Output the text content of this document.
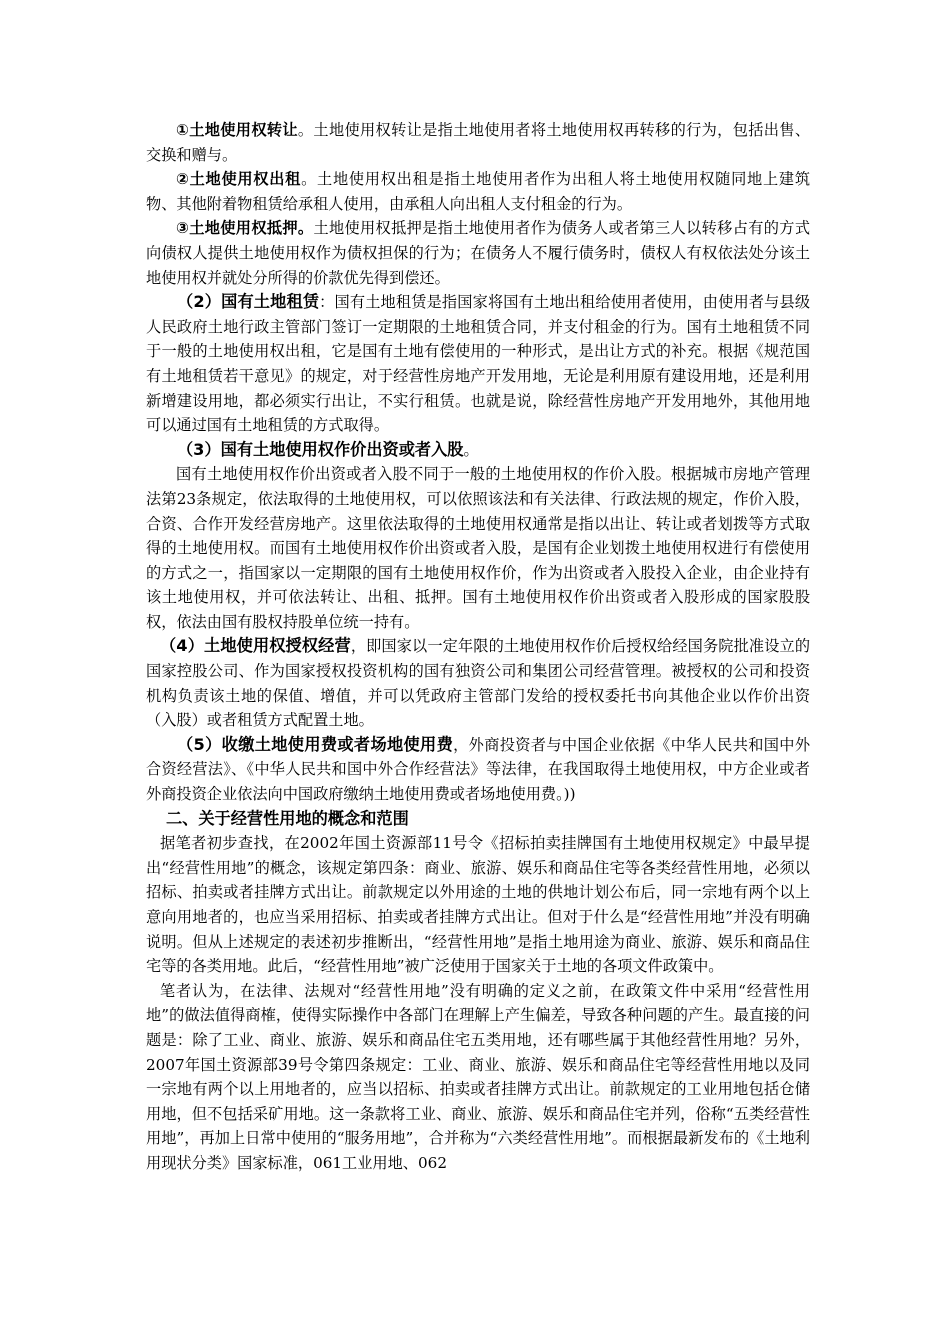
①土地使用权转让。土地使用权转让是指土地使用者将土地使用权再转移的行为，包括出售、交换和赠与。

②土地使用权出租。土地使用权出租是指土地使用者作为出租人将土地使用权随同地上建筑物、其他附着物租赁给承租人使用，由承租人向出租人支付租金的行为。

③土地使用权抵押。土地使用权抵押是指土地使用者作为债务人或者第三人以转移占有的方式向债权人提供土地使用权作为债权担保的行为；在债务人不履行债务时，债权人有权依法处分该土地使用权并就处分所得的价款优先得到偿还。

（2）国有土地租赁：国有土地租赁是指国家将国有土地出租给使用者使用，由使用者与县级人民政府土地行政主管部门签订一定期限的土地租赁合同，并支付租金的行为。国有土地租赁不同于一般的土地使用权出租，它是国有土地有偿使用的一种形式，是出让方式的补充。根据《规范国有土地租赁若干意见》的规定，对于经营性房地产开发用地，无论是利用原有建设用地，还是利用新增建设用地，都必须实行出让，不实行租赁。也就是说，除经营性房地产开发用地外，其他用地可以通过国有土地租赁的方式取得。

（3）国有土地使用权作价出资或者入股。

国有土地使用权作价出资或者入股不同于一般的土地使用权的作价入股。根据城市房地产管理法第23条规定，依法取得的土地使用权，可以依照该法和有关法律、行政法规的规定，作价入股，合资、合作开发经营房地产。这里依法取得的土地使用权通常是指以出让、转让或者划拨等方式取得的土地使用权。而国有土地使用权作价出资或者入股，是国有企业划拨土地使用权进行有偿使用的方式之一，指国家以一定期限的国有土地使用权作价，作为出资或者入股投入企业，由企业持有该土地使用权，并可依法转让、出租、抵押。国有土地使用权作价出资或者入股形成的国家股股权，依法由国有股权持股单位统一持有。

（4）土地使用权授权经营，即国家以一定年限的土地使用权作价后授权给经国务院批准设立的国家控股公司、作为国家授权投资机构的国有独资公司和集团公司经营管理。被授权的公司和投资机构负责该土地的保值、增值，并可以凭政府主管部门发给的授权委托书向其他企业以作价出资（入股）或者租赁方式配置土地。

（5）收缴土地使用费或者场地使用费，外商投资者与中国企业依据《中华人民共和国中外合资经营法》、《中华人民共和国中外合作经营法》等法律，在我国取得土地使用权，中方企业或者外商投资企业依法向中国政府缴纳土地使用费或者场地使用费。))

二、关于经营性用地的概念和范围

据笔者初步查找，在2002年国土资源部11号令《招标拍卖挂牌国有土地使用权规定》中最早提出“经营性用地”的概念，该规定第四条：商业、旅游、娱乐和商品住宅等各类经营性用地，必须以招标、拍卖或者挂牌方式出让。前款规定以外用途的土地的供地计划公布后，同一宗地有两个以上意向用地者的，也应当采用招标、拍卖或者挂牌方式出让。但对于什么是“经营性用地”并没有明确说明。但从上述规定的表述初步推断出，“经营性用地”是指土地用途为商业、旅游、娱乐和商品住宅等的各类用地。此后，“经营性用地”被广泛使用于国家关于土地的各项文件政策中。

笔者认为，在法律、法规对“经营性用地”没有明确的定义之前，在政策文件中采用“经营性用地”的做法值得商榷，使得实际操作中各部门在理解上产生偏差，导致各种问题的产生。最直接的问题是：除了工业、商业、旅游、娱乐和商品住宅五类用地，还有哪些属于其他经营性用地？另外，2007年国土资源部39号令第四条规定：工业、商业、旅游、娱乐和商品住宅等经营性用地以及同一宗地有两个以上用地者的，应当以招标、拍卖或者挂牌方式出让。前款规定的工业用地包括仓储用地，但不包括采矿用地。这一条款将工业、商业、旅游、娱乐和商品住宅并列，俗称“五类经营性用地”，再加上日常中使用的“服务用地”，合并称为“六类经营性用地”。而根据最新发布的《土地利用现状分类》国家标准，061工业用地、062
